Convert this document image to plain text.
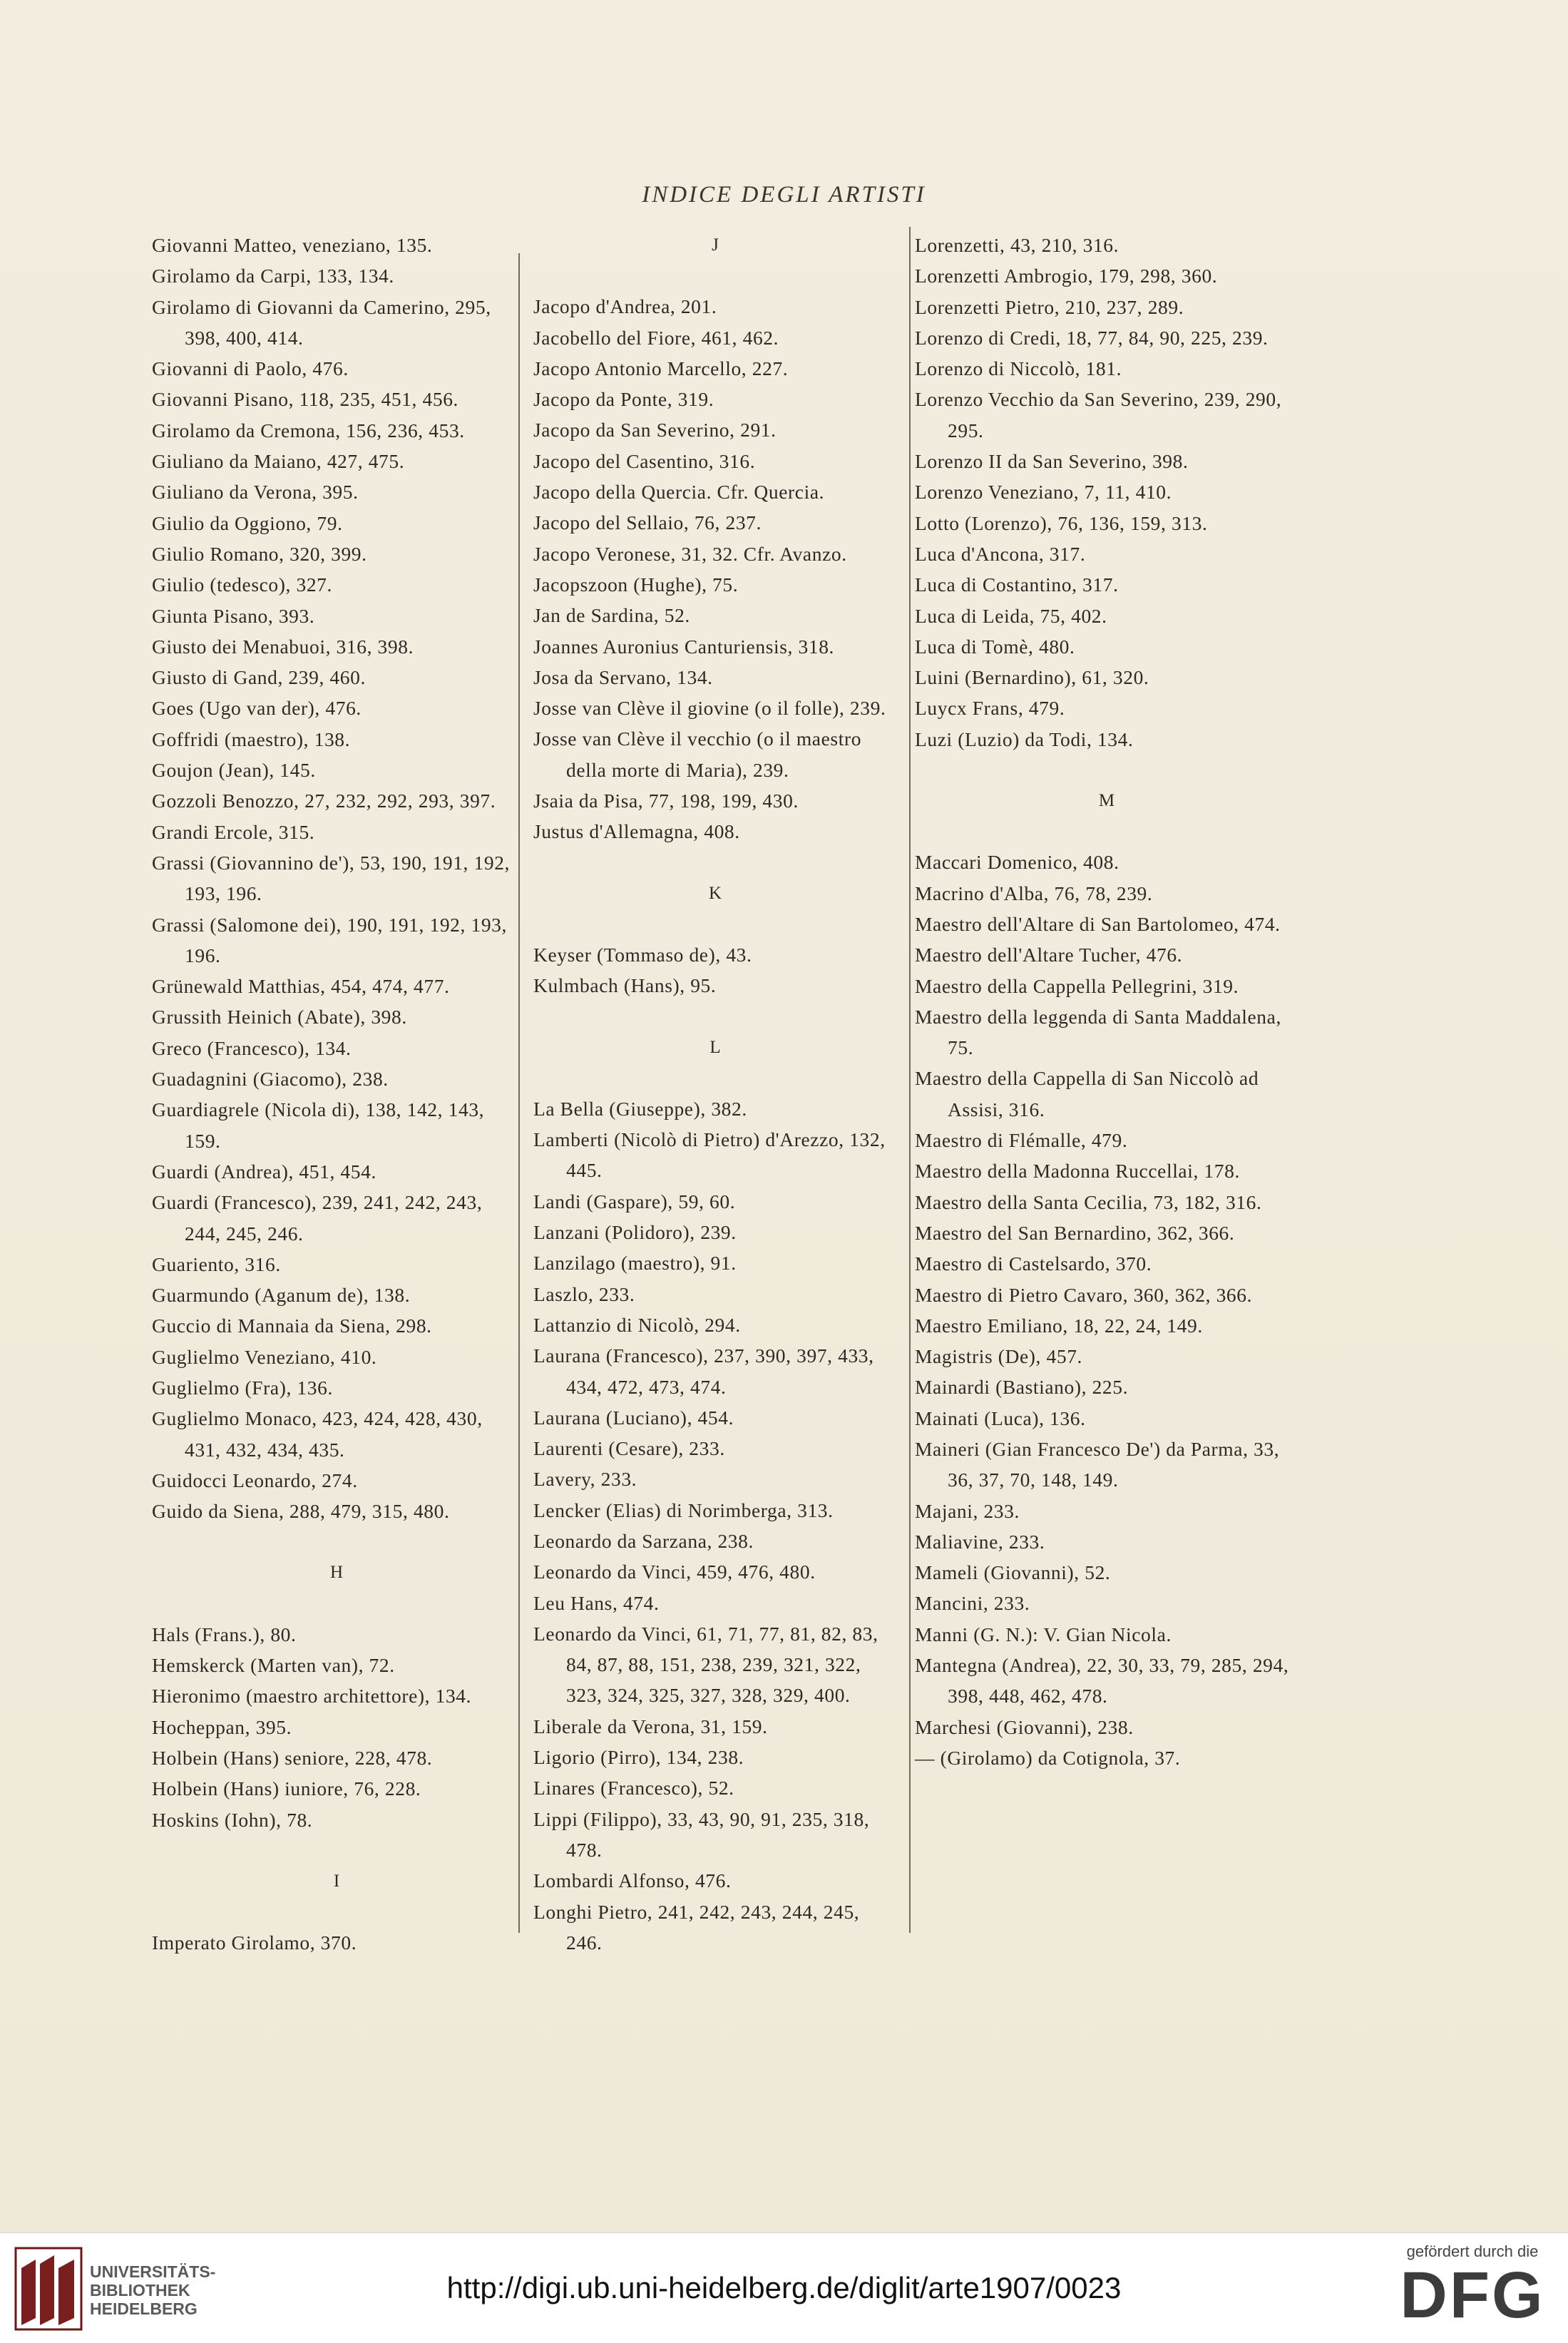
INDICE DEGLI ARTISTI
Giovanni Matteo, veneziano, 135.
Girolamo da Carpi, 133, 134.
Girolamo di Giovanni da Camerino, 295, 398, 400, 414.
Giovanni di Paolo, 476.
Giovanni Pisano, 118, 235, 451, 456.
Girolamo da Cremona, 156, 236, 453.
Giuliano da Maiano, 427, 475.
Giuliano da Verona, 395.
Giulio da Oggiono, 79.
Giulio Romano, 320, 399.
Giulio (tedesco), 327.
Giunta Pisano, 393.
Giusto dei Menabuoi, 316, 398.
Giusto di Gand, 239, 460.
Goes (Ugo van der), 476.
Goffridi (maestro), 138.
Goujon (Jean), 145.
Gozzoli Benozzo, 27, 232, 292, 293, 397.
Grandi Ercole, 315.
Grassi (Giovannino de'), 53, 190, 191, 192, 193, 196.
Grassi (Salomone dei), 190, 191, 192, 193, 196.
Grünewald Matthias, 454, 474, 477.
Grussith Heinich (Abate), 398.
Greco (Francesco), 134.
Guadagnini (Giacomo), 238.
Guardiagrele (Nicola di), 138, 142, 143, 159.
Guardi (Andrea), 451, 454.
Guardi (Francesco), 239, 241, 242, 243, 244, 245, 246.
Guariento, 316.
Guarmundo (Aganum de), 138.
Guccio di Mannaia da Siena, 298.
Guglielmo Veneziano, 410.
Guglielmo (Fra), 136.
Guglielmo Monaco, 423, 424, 428, 430, 431, 432, 434, 435.
Guidocci Leonardo, 274.
Guido da Siena, 288, 479, 315, 480.
H
Hals (Frans.), 80.
Hemskerck (Marten van), 72.
Hieronimo (maestro architettore), 134.
Hocheppan, 395.
Holbein (Hans) seniore, 228, 478.
Holbein (Hans) iuniore, 76, 228.
Hoskins (Iohn), 78.
I
Imperato Girolamo, 370.
J
Jacopo d'Andrea, 201.
Jacobello del Fiore, 461, 462.
Jacopo Antonio Marcello, 227.
Jacopo da Ponte, 319.
Jacopo da San Severino, 291.
Jacopo del Casentino, 316.
Jacopo della Quercia. Cfr. Quercia.
Jacopo del Sellaio, 76, 237.
Jacopo Veronese, 31, 32. Cfr. Avanzo.
Jacopszoon (Hughe), 75.
Jan de Sardina, 52.
Joannes Auronius Canturiensis, 318.
Josa da Servano, 134.
Josse van Clève il giovine (o il folle), 239.
Josse van Clève il vecchio (o il maestro della morte di Maria), 239.
Jsaia da Pisa, 77, 198, 199, 430.
Justus d'Allemagna, 408.
K
Keyser (Tommaso de), 43.
Kulmbach (Hans), 95.
L
La Bella (Giuseppe), 382.
Lamberti (Nicolò di Pietro) d'Arezzo, 132, 445.
Landi (Gaspare), 59, 60.
Lanzani (Polidoro), 239.
Lanzilago (maestro), 91.
Laszlo, 233.
Lattanzio di Nicolò, 294.
Laurana (Francesco), 237, 390, 397, 433, 434, 472, 473, 474.
Laurana (Luciano), 454.
Laurenti (Cesare), 233.
Lavery, 233.
Lencker (Elias) di Norimberga, 313.
Leonardo da Sarzana, 238.
Leonardo da Vinci, 459, 476, 480.
Leu Hans, 474.
Leonardo da Vinci, 61, 71, 77, 81, 82, 83, 84, 87, 88, 151, 238, 239, 321, 322, 323, 324, 325, 327, 328, 329, 400.
Liberale da Verona, 31, 159.
Ligorio (Pirro), 134, 238.
Linares (Francesco), 52.
Lippi (Filippo), 33, 43, 90, 91, 235, 318, 478.
Lombardi Alfonso, 476.
Longhi Pietro, 241, 242, 243, 244, 245, 246.
Lorenzetti, 43, 210, 316.
Lorenzetti Ambrogio, 179, 298, 360.
Lorenzetti Pietro, 210, 237, 289.
Lorenzo di Credi, 18, 77, 84, 90, 225, 239.
Lorenzo di Niccolò, 181.
Lorenzo Vecchio da San Severino, 239, 290, 295.
Lorenzo II da San Severino, 398.
Lorenzo Veneziano, 7, 11, 410.
Lotto (Lorenzo), 76, 136, 159, 313.
Luca d'Ancona, 317.
Luca di Costantino, 317.
Luca di Leida, 75, 402.
Luca di Tomè, 480.
Luini (Bernardino), 61, 320.
Luycx Frans, 479.
Luzi (Luzio) da Todi, 134.
M
Maccari Domenico, 408.
Macrino d'Alba, 76, 78, 239.
Maestro dell'Altare di San Bartolomeo, 474.
Maestro dell'Altare Tucher, 476.
Maestro della Cappella Pellegrini, 319.
Maestro della leggenda di Santa Maddalena, 75.
Maestro della Cappella di San Niccolò ad Assisi, 316.
Maestro di Flémalle, 479.
Maestro della Madonna Ruccellai, 178.
Maestro della Santa Cecilia, 73, 182, 316.
Maestro del San Bernardino, 362, 366.
Maestro di Castelsardo, 370.
Maestro di Pietro Cavaro, 360, 362, 366.
Maestro Emiliano, 18, 22, 24, 149.
Magistris (De), 457.
Mainardi (Bastiano), 225.
Mainati (Luca), 136.
Maineri (Gian Francesco De') da Parma, 33, 36, 37, 70, 148, 149.
Majani, 233.
Maliavine, 233.
Mameli (Giovanni), 52.
Mancini, 233.
Manni (G. N.): V. Gian Nicola.
Mantegna (Andrea), 22, 30, 33, 79, 285, 294, 398, 448, 462, 478.
Marchesi (Giovanni), 238.
— (Girolamo) da Cotignola, 37.
UNIVERSITÄTS-
BIBLIOTHEK
HEIDELBERG
http://digi.ub.uni-heidelberg.de/diglit/arte1907/0023
gefördert durch die
DFG
